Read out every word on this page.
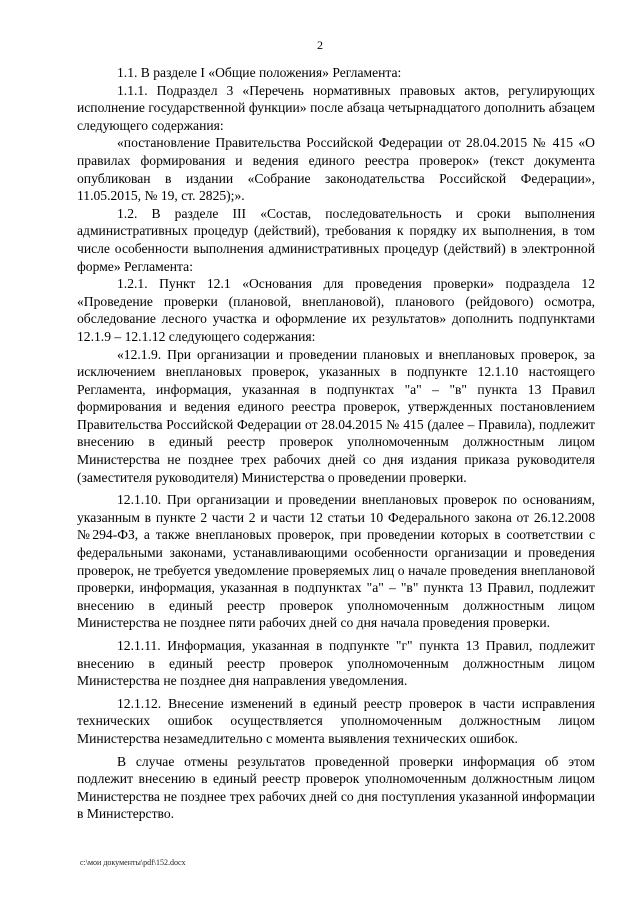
2

1.1. В разделе I «Общие положения» Регламента:

1.1.1. Подраздел 3 «Перечень нормативных правовых актов, регулирующих исполнение государственной функции» после абзаца четырнадцатого дополнить абзацем следующего содержания:

«постановление Правительства Российской Федерации от 28.04.2015 № 415 «О правилах формирования и ведения единого реестра проверок» (текст документа опубликован в издании «Собрание законодательства Российской Федерации», 11.05.2015, № 19, ст. 2825);».

1.2. В разделе III «Состав, последовательность и сроки выполнения административных процедур (действий), требования к порядку их выполнения, в том числе особенности выполнения административных процедур (действий) в электронной форме» Регламента:

1.2.1. Пункт 12.1 «Основания для проведения проверки» подраздела 12 «Проведение проверки (плановой, внеплановой), планового (рейдового) осмотра, обследование лесного участка и оформление их результатов» дополнить подпунктами 12.1.9 – 12.1.12 следующего содержания:

«12.1.9. При организации и проведении плановых и внеплановых проверок, за исключением внеплановых проверок, указанных в подпункте 12.1.10 настоящего Регламента, информация, указанная в подпунктах "а" – "в" пункта 13 Правил формирования и ведения единого реестра проверок, утвержденных постановлением Правительства Российской Федерации от 28.04.2015 № 415 (далее – Правила), подлежит внесению в единый реестр проверок уполномоченным должностным лицом Министерства не позднее трех рабочих дней со дня издания приказа руководителя (заместителя руководителя) Министерства о проведении проверки.

12.1.10. При организации и проведении внеплановых проверок по основаниям, указанным в пункте 2 части 2 и части 12 статьи 10 Федерального закона от 26.12.2008 №294-ФЗ, а также внеплановых проверок, при проведении которых в соответствии с федеральными законами, устанавливающими особенности организации и проведения проверок, не требуется уведомление проверяемых лиц о начале проведения внеплановой проверки, информация, указанная в подпунктах "а" – "в" пункта 13 Правил, подлежит внесению в единый реестр проверок уполномоченным должностным лицом Министерства не позднее пяти рабочих дней со дня начала проведения проверки.

12.1.11. Информация, указанная в подпункте "г" пункта 13 Правил, подлежит внесению в единый реестр проверок уполномоченным должностным лицом Министерства не позднее дня направления уведомления.

12.1.12. Внесение изменений в единый реестр проверок в части исправления технических ошибок осуществляется уполномоченным должностным лицом Министерства незамедлительно с момента выявления технических ошибок.

В случае отмены результатов проведенной проверки информация об этом подлежит внесению в единый реестр проверок уполномоченным должностным лицом Министерства не позднее трех рабочих дней со дня поступления указанной информации в Министерство.

c:\мои документы\pdf\152.docx
